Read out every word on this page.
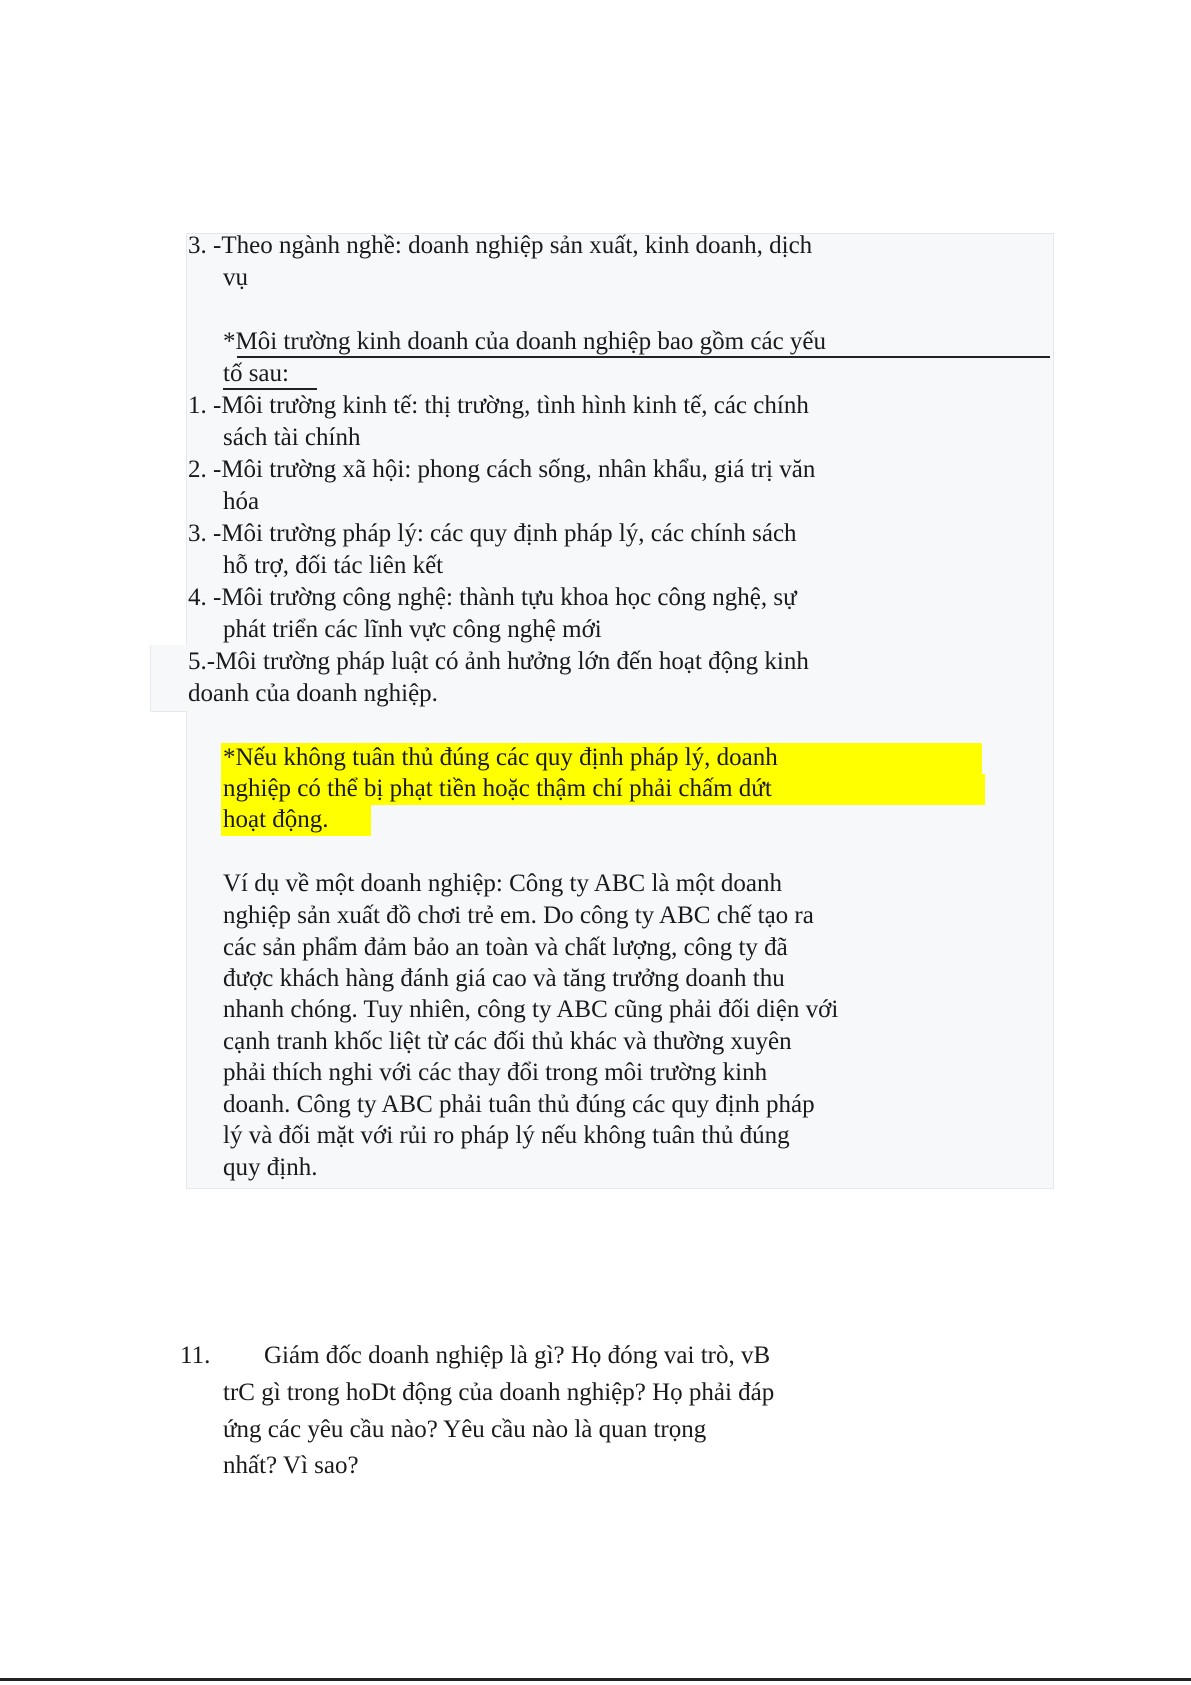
3. -Theo ngành nghề: doanh nghiệp sản xuất, kinh doanh, dịch
vụ
*Môi trường kinh doanh của doanh nghiệp bao gồm các yếu
tố sau:
1. -Môi trường kinh tế: thị trường, tình hình kinh tế, các chính
sách tài chính
2. -Môi trường xã hội: phong cách sống, nhân khẩu, giá trị văn
hóa
3. -Môi trường pháp lý: các quy định pháp lý, các chính sách
hỗ trợ, đối tác liên kết
4. -Môi trường công nghệ: thành tựu khoa học công nghệ, sự
phát triển các lĩnh vực công nghệ mới
5.-Môi trường pháp luật có ảnh hưởng lớn đến hoạt động kinh
doanh của doanh nghiệp.
*Nếu không tuân thủ đúng các quy định pháp lý, doanh
nghiệp có thể bị phạt tiền hoặc thậm chí phải chấm dứt
hoạt động.
Ví dụ về một doanh nghiệp: Công ty ABC là một doanh
nghiệp sản xuất đồ chơi trẻ em. Do công ty ABC chế tạo ra
các sản phẩm đảm bảo an toàn và chất lượng, công ty đã
được khách hàng đánh giá cao và tăng trưởng doanh thu
nhanh chóng. Tuy nhiên, công ty ABC cũng phải đối diện với
cạnh tranh khốc liệt từ các đối thủ khác và thường xuyên
phải thích nghi với các thay đổi trong môi trường kinh
doanh. Công ty ABC phải tuân thủ đúng các quy định pháp
lý và đối mặt với rủi ro pháp lý nếu không tuân thủ đúng
quy định.
11. Giám đốc doanh nghiệp là gì? Họ đóng vai trò, vB
trC gì trong hoDt động của doanh nghiệp? Họ phải đáp
ứng các yêu cầu nào? Yêu cầu nào là quan trọng
nhất? Vì sao?
